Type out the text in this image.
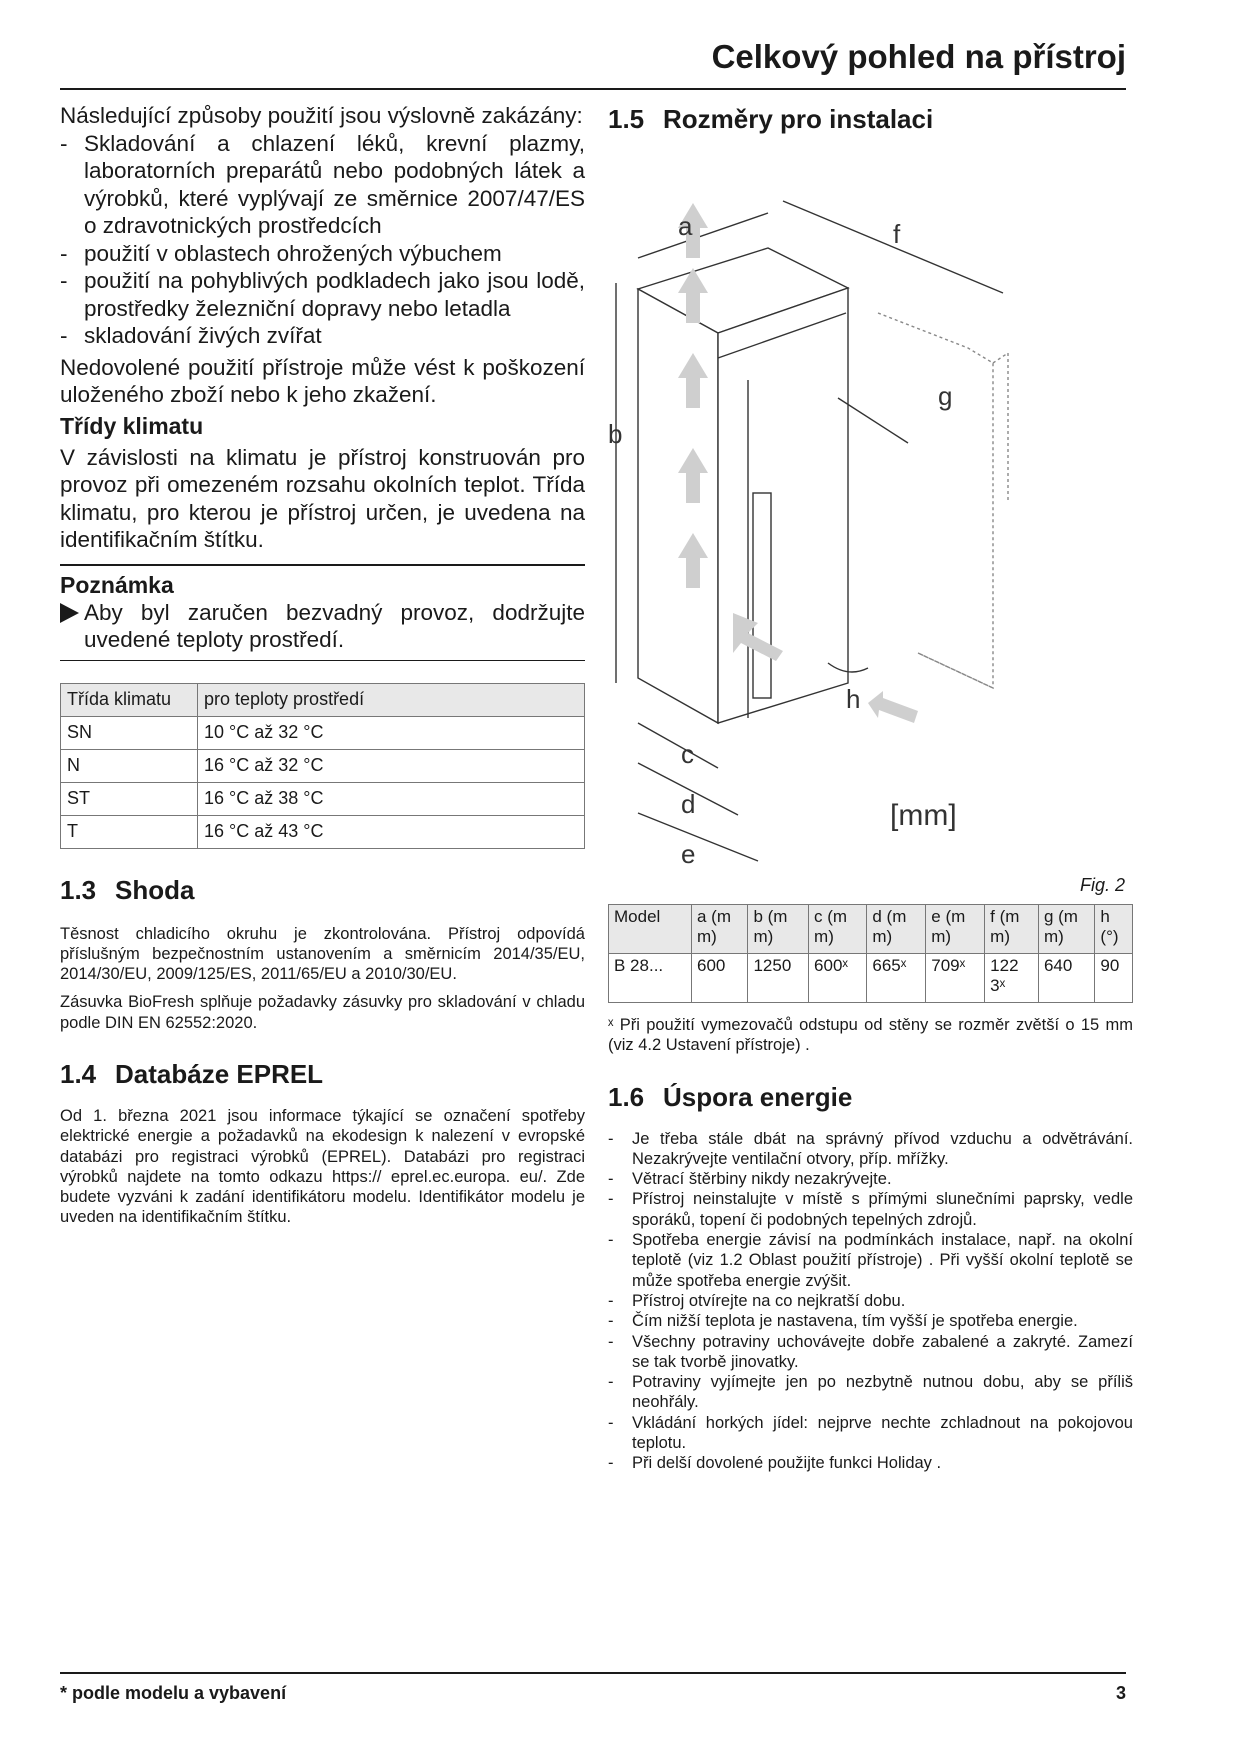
Celkový pohled na přístroj

Následující způsoby použití jsou výslovně zakázány:

- Skladování a chlazení léků, krevní plazmy, laboratorních preparátů nebo podobných látek a výrobků, které vyplývají ze směrnice 2007/47/ES o zdravotnických prostředcích
- použití v oblastech ohrožených výbuchem
- použití na pohyblivých podkladech jako jsou lodě, prostředky železniční dopravy nebo letadla
- skladování živých zvířat

Nedovolené použití přístroje může vést k poškození uloženého zboží nebo k jeho zkažení.

Třídy klimatu

V závislosti na klimatu je přístroj konstruován pro provoz při omezeném rozsahu okolních teplot. Třída klimatu, pro kterou je přístroj určen, je uvedena na identifikačním štítku.

Poznámka
Aby byl zaručen bezvadný provoz, dodržujte uvedené teploty prostředí.
Třída klimatu	pro teploty prostředí
SN	10 °C až 32 °C
N	16 °C až 32 °C
ST	16 °C až 38 °C
T	16 °C až 43 °C
1.3 Shoda

Těsnost chladicího okruhu je zkontrolována. Přístroj odpovídá příslušným bezpečnostním ustanovením a směrnicím 2014/35/EU, 2014/30/EU, 2009/125/ES, 2011/65/EU a 2010/30/EU.

Zásuvka BioFresh splňuje požadavky zásuvky pro skladování v chladu podle DIN EN 62552:2020.

1.4 Databáze EPREL

Od 1. března 2021 jsou informace týkající se označení spotřeby elektrické energie a požadavků na ekodesign k nalezení v evropské databázi pro registraci výrobků (EPREL). Databázi pro registraci výrobků najdete na tomto odkazu https:// eprel.ec.europa. eu/. Zde budete vyzváni k zadání identifikátoru modelu. Identifikátor modelu je uveden na identifikačním štítku.

1.5 Rozměry pro instalaci
a
b
c
d
e
f
g
h
[mm]
Fig. 2
Model	a (m m)	b (m m)	c (m m)	d (m m)	e (m m)	f (m m)	g (m m)	h (°)
B 28...	600	1250	600ˣ	665ˣ	709ˣ	122 3ˣ	640	90

ˣ Při použití vymezovačů odstupu od stěny se rozměr zvětší o 15 mm (viz 4.2 Ustavení přístroje) .

1.6 Úspora energie
- Je třeba stále dbát na správný přívod vzduchu a odvětrávání. Nezakrývejte ventilační otvory, příp. mřížky.
- Větrací štěrbiny nikdy nezakrývejte.
- Přístroj neinstalujte v místě s přímými slunečními paprsky, vedle sporáků, topení či podobných tepelných zdrojů.
- Spotřeba energie závisí na podmínkách instalace, např. na okolní teplotě (viz 1.2 Oblast použití přístroje) . Při vyšší okolní teplotě se může spotřeba energie zvýšit.
- Přístroj otvírejte na co nejkratší dobu.
- Čím nižší teplota je nastavena, tím vyšší je spotřeba energie.
- Všechny potraviny uchovávejte dobře zabalené a zakryté. Zamezí se tak tvorbě jinovatky.
- Potraviny vyjímejte jen po nezbytně nutnou dobu, aby se příliš neohřály.
- Vkládání horkých jídel: nejprve nechte zchladnout na pokojovou teplotu.
- Při delší dovolené použijte funkci Holiday .
* podle modelu a vybavení	3
